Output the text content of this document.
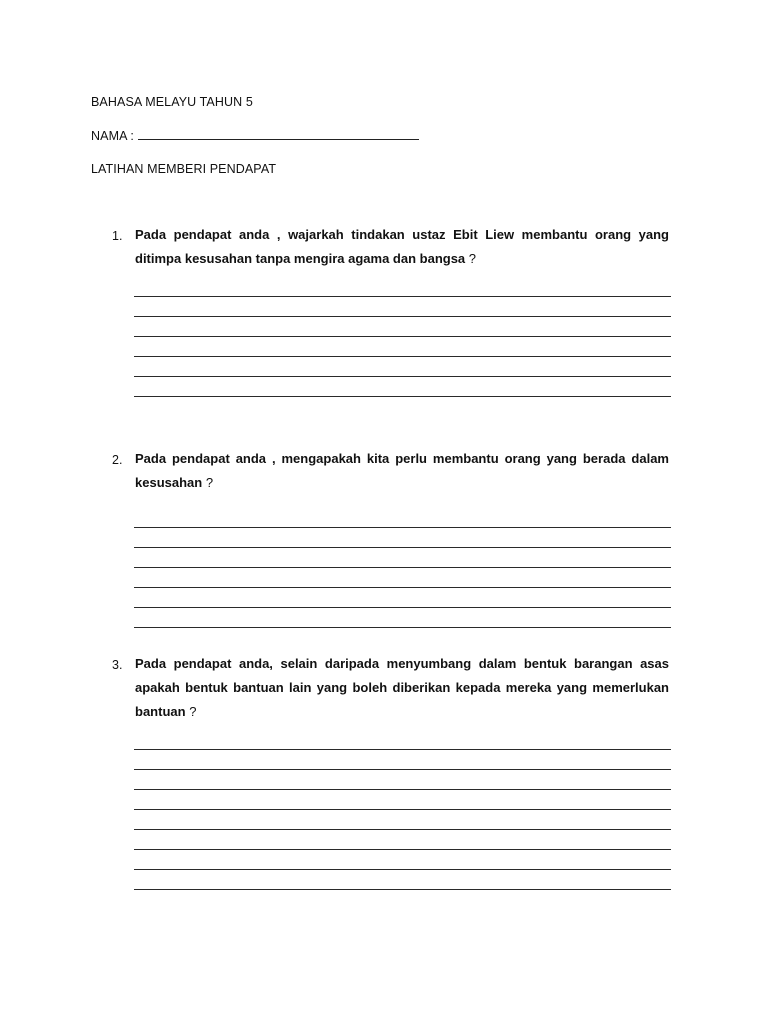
BAHASA MELAYU TAHUN 5
NAMA :
LATIHAN MEMBERI PENDAPAT
1. Pada pendapat anda , wajarkah tindakan ustaz Ebit Liew membantu orang yang ditimpa kesusahan tanpa mengira agama dan bangsa ?
2. Pada pendapat anda , mengapakah kita perlu membantu orang yang berada dalam kesusahan ?
3. Pada pendapat anda, selain daripada menyumbang dalam bentuk barangan asas apakah bentuk bantuan lain yang boleh diberikan kepada mereka yang memerlukan bantuan ?
